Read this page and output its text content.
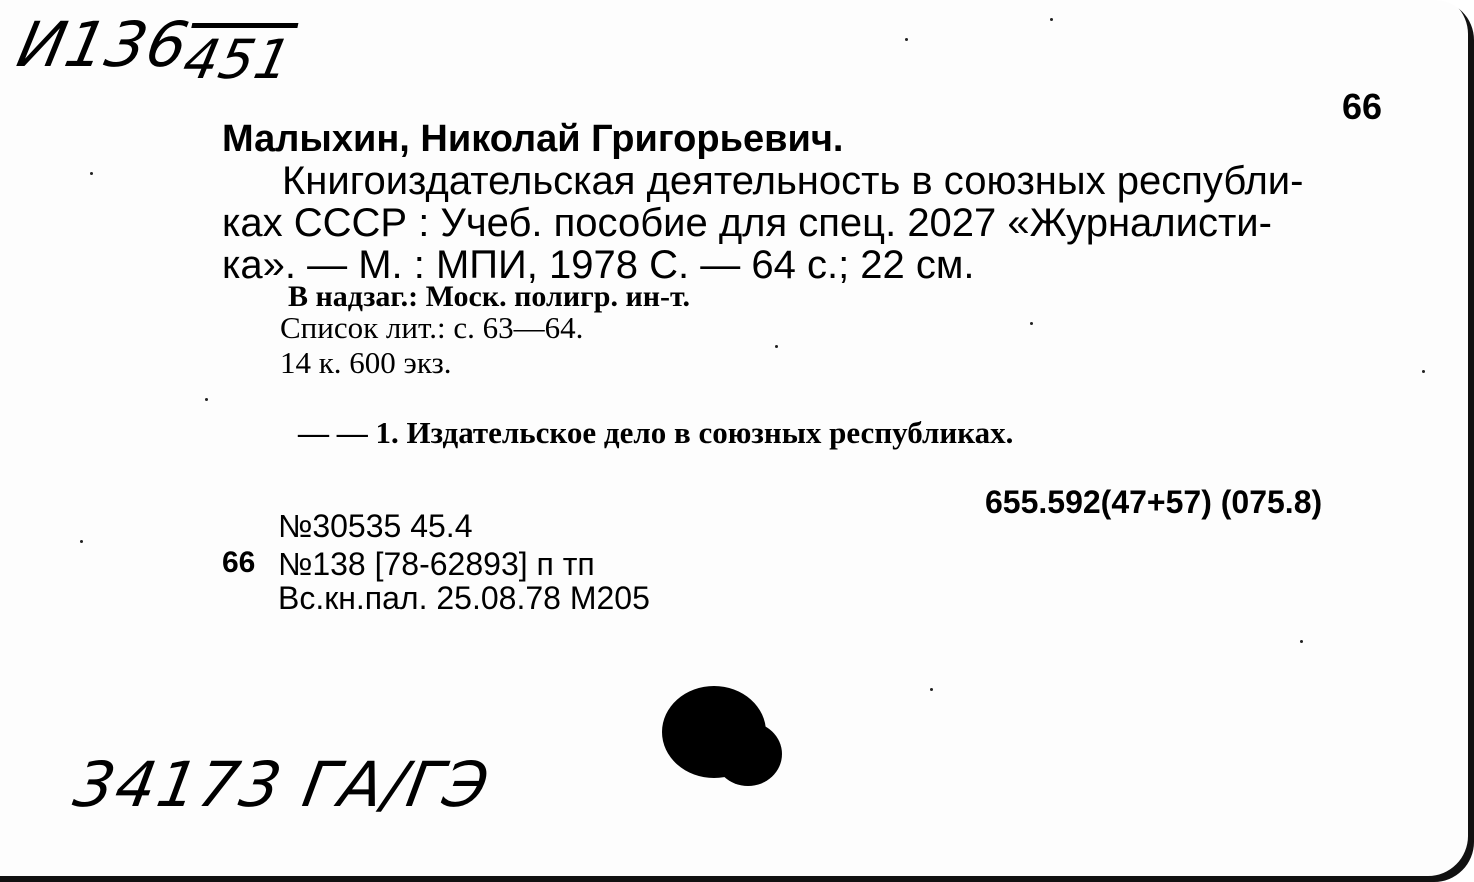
И136451
66
Малыхин, Николай Григорьевич.
Книгоиздательская деятельность в союзных республи-
ках СССР : Учеб. пособие для спец. 2027 «Журналисти-
ка». — М. : МПИ, 1978 С. — 64 с.; 22 см.
В надзаг.: Моск. полигр. ин-т.
Список лит.: с. 63—64.
14 к. 600 экз.
— — 1. Издательское дело в союзных республиках.
655.592(47+57) (075.8)
№30535 45.4
66 №138 [78-62893] п тп
Вс.кн.пал. 25.08.78 М205
34173 ГА/ГЭ
